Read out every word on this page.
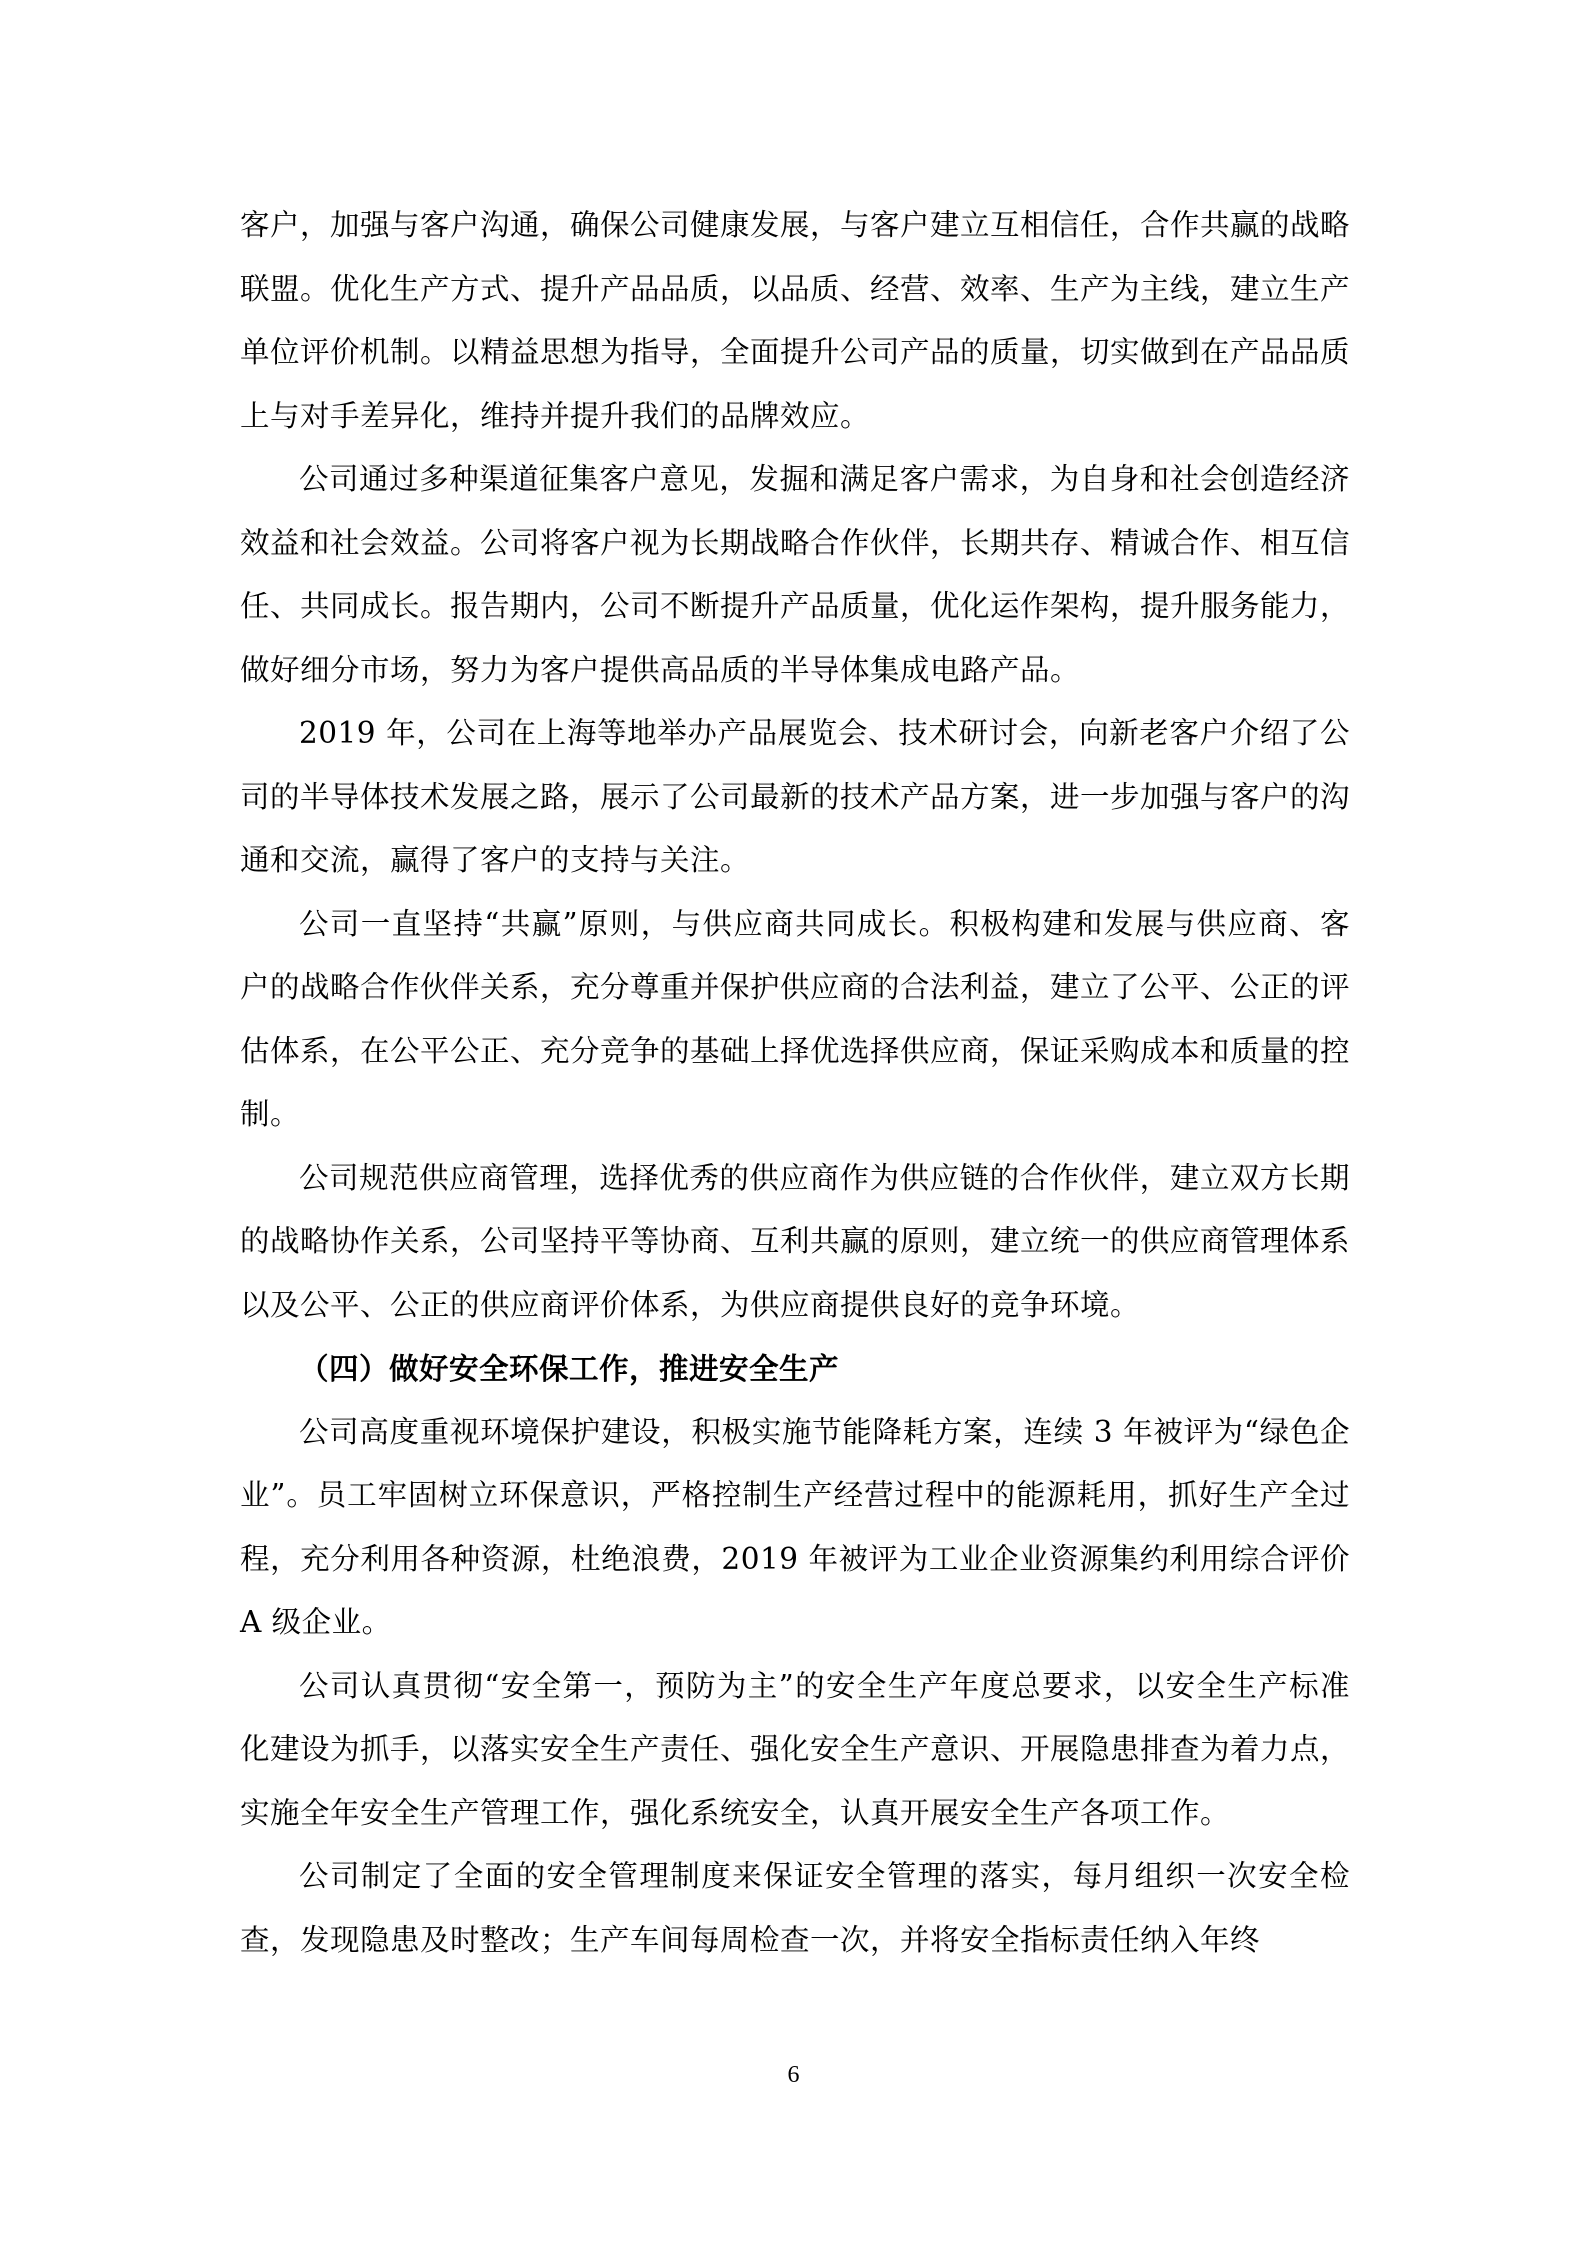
客户，加强与客户沟通，确保公司健康发展，与客户建立互相信任，合作共赢的战略联盟。优化生产方式、提升产品品质，以品质、经营、效率、生产为主线，建立生产单位评价机制。以精益思想为指导，全面提升公司产品的质量，切实做到在产品品质上与对手差异化，维持并提升我们的品牌效应。

公司通过多种渠道征集客户意见，发掘和满足客户需求，为自身和社会创造经济效益和社会效益。公司将客户视为长期战略合作伙伴，长期共存、精诚合作、相互信任、共同成长。报告期内，公司不断提升产品质量，优化运作架构，提升服务能力，做好细分市场，努力为客户提供高品质的半导体集成电路产品。

2019 年，公司在上海等地举办产品展览会、技术研讨会，向新老客户介绍了公司的半导体技术发展之路，展示了公司最新的技术产品方案，进一步加强与客户的沟通和交流，赢得了客户的支持与关注。

公司一直坚持“共赢”原则，与供应商共同成长。积极构建和发展与供应商、客户的战略合作伙伴关系，充分尊重并保护供应商的合法利益，建立了公平、公正的评估体系，在公平公正、充分竞争的基础上择优选择供应商，保证采购成本和质量的控制。

公司规范供应商管理，选择优秀的供应商作为供应链的合作伙伴，建立双方长期的战略协作关系，公司坚持平等协商、互利共赢的原则，建立统一的供应商管理体系以及公平、公正的供应商评价体系，为供应商提供良好的竞争环境。

（四）做好安全环保工作，推进安全生产

公司高度重视环境保护建设，积极实施节能降耗方案，连续 3 年被评为“绿色企业”。员工牢固树立环保意识，严格控制生产经营过程中的能源耗用，抓好生产全过程，充分利用各种资源，杜绝浪费，2019 年被评为工业企业资源集约利用综合评价 A 级企业。

公司认真贯彻“安全第一，预防为主”的安全生产年度总要求，以安全生产标准化建设为抓手，以落实安全生产责任、强化安全生产意识、开展隐患排查为着力点，实施全年安全生产管理工作，强化系统安全，认真开展安全生产各项工作。

公司制定了全面的安全管理制度来保证安全管理的落实，每月组织一次安全检查，发现隐患及时整改；生产车间每周检查一次，并将安全指标责任纳入年终

6
